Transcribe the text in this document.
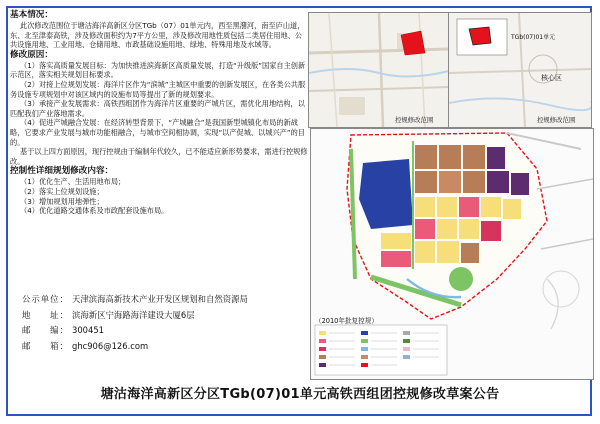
基本情况：

此次修改范围位于塘沽海洋高新区分区TGb（07）01单元内，西至黑潴河，南至庐山道，东、北至津泰高铁，涉及修改面积约为7平方公里，涉及修改用地性质包括二类居住用地、公共设施用地、工业用地、仓储用地、市政基础设施用地、绿地、特殊用地及水域等。

修改原因：

（1）落实高质量发展目标：为加快推进滨海新区高质量发展，打造“升级版”国家自主创新示范区，落实相关规划目标要求。

（2）对接上位规划发展：海洋片区作为“滨城”主城区中重要的创新发展区，在各类公共服务设施专项规划中对该区域内的设施布局等提出了新的规划要求。

（3）承接产业发展需求：高铁西组团作为海洋片区重要的产城片区，需优化用地结构，以匹配我们产业落地需求。

（4）促进产城融合发展：在经济转型背景下，“产城融合”是我国新型城镇化布局的新战略，它要求产业发展与城市功能相融合，与城市空间相协调，实现“以产促城、以城兴产”的目的。

基于以上四方面原因，现行控规由于编制年代较久，已不能适应新形势要求，需进行控规修改。

控制性详细规划修改内容：

（1）优化生产、生活用地布局；

（2）落实上位规划设施；

（3）增加规划用地弹性；

（4）优化道路交通体系及市政配套设施布局。

公示单位： 天津滨海高新技术产业开发区规划和自然资源局
地　　址： 滨海新区宁海路海洋建设大厦6层
邮　　编： 300451
邮　　箱： ghc906@126.com
塘沽海洋高新区分区TGb(07)01单元高铁西组团控规修改草案公告
控规修改范围
TGb(07)01单元
核心区
控规修改范围
（2010年批复控规）
